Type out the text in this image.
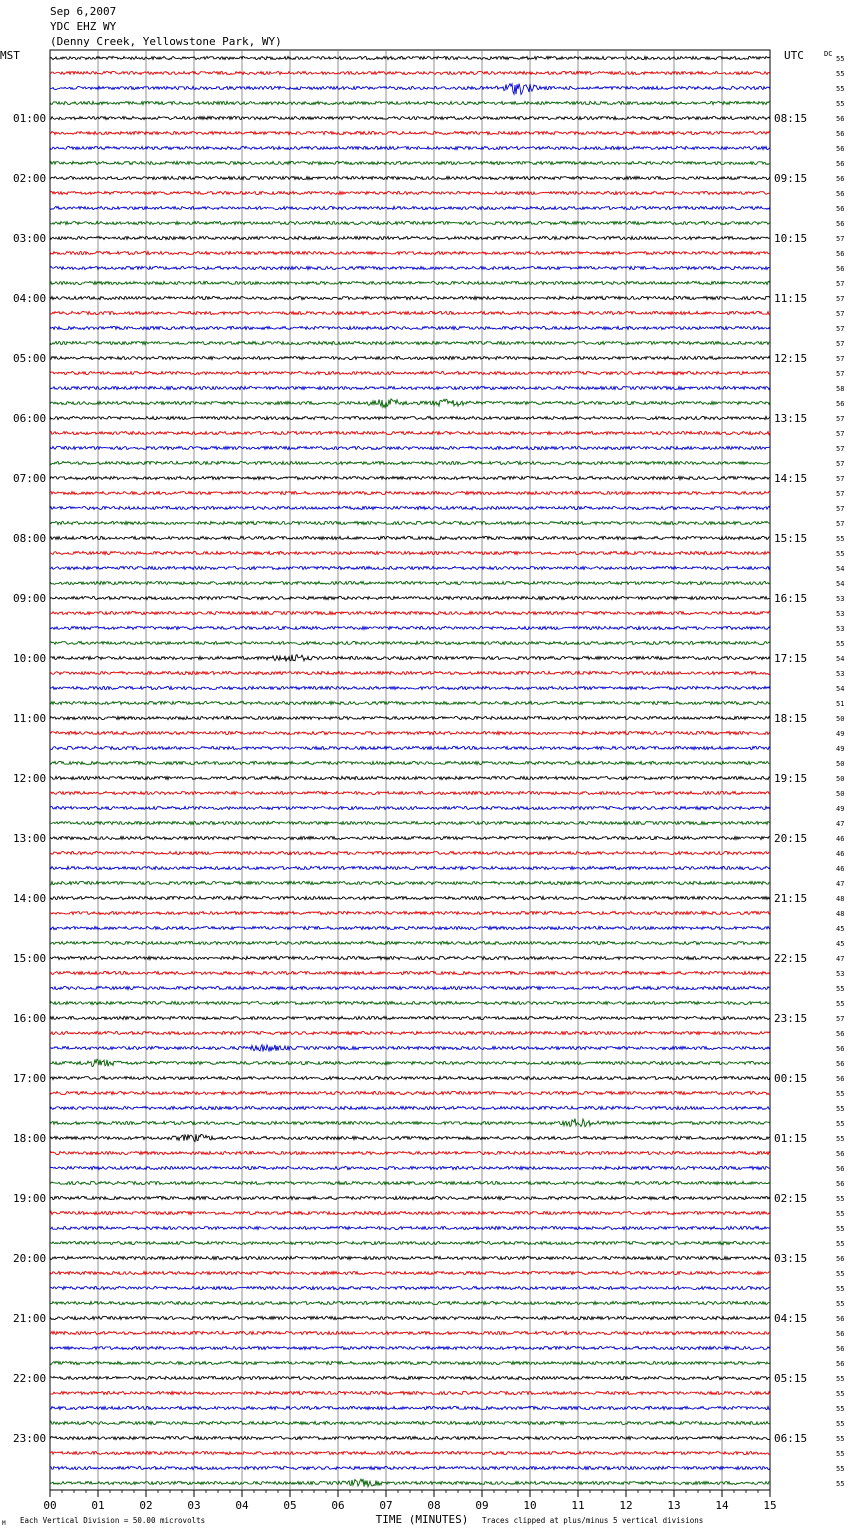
Sep 6,2007
YDC EHZ WY
(Denny Creek, Yellowstone Park, WY)
MST	UTC
01:00
02:00
03:00
04:00
05:00
06:00
07:00
08:00
09:00
10:00
11:00
12:00
13:00
14:00
15:00
16:00
17:00
18:00
19:00
20:00
21:00
22:00
23:00
08:15
09:15
10:15
11:15
12:15
13:15
14:15
15:15
16:15
17:15
18:15
19:15
20:15
21:15
22:15
23:15
00:15
01:15
02:15
03:15
04:15
05:15
06:15
DC
55
55
55
55
56
56
56
56
56
56
56
56
57
56
56
57
57
57
57
57
57
57
58
56
57
57
57
57
57
57
57
57
55
55
54
54
53
53
53
55
54
53
54
51
50
49
49
50
50
50
49
47
46
46
46
47
48
48
45
45
47
53
55
55
57
56
56
56
56
55
55
55
55
56
56
56
55
55
55
55
56
55
55
55
56
56
56
56
55
55
55
55
55
55
55
55
00	01	02	03	04	05	06	07	08	09	10	11	12	13	14	15
TIME (MINUTES)
Each Vertical Division = 50.00 microvolts	Traces clipped at plus/minus 5 vertical divisions
M
